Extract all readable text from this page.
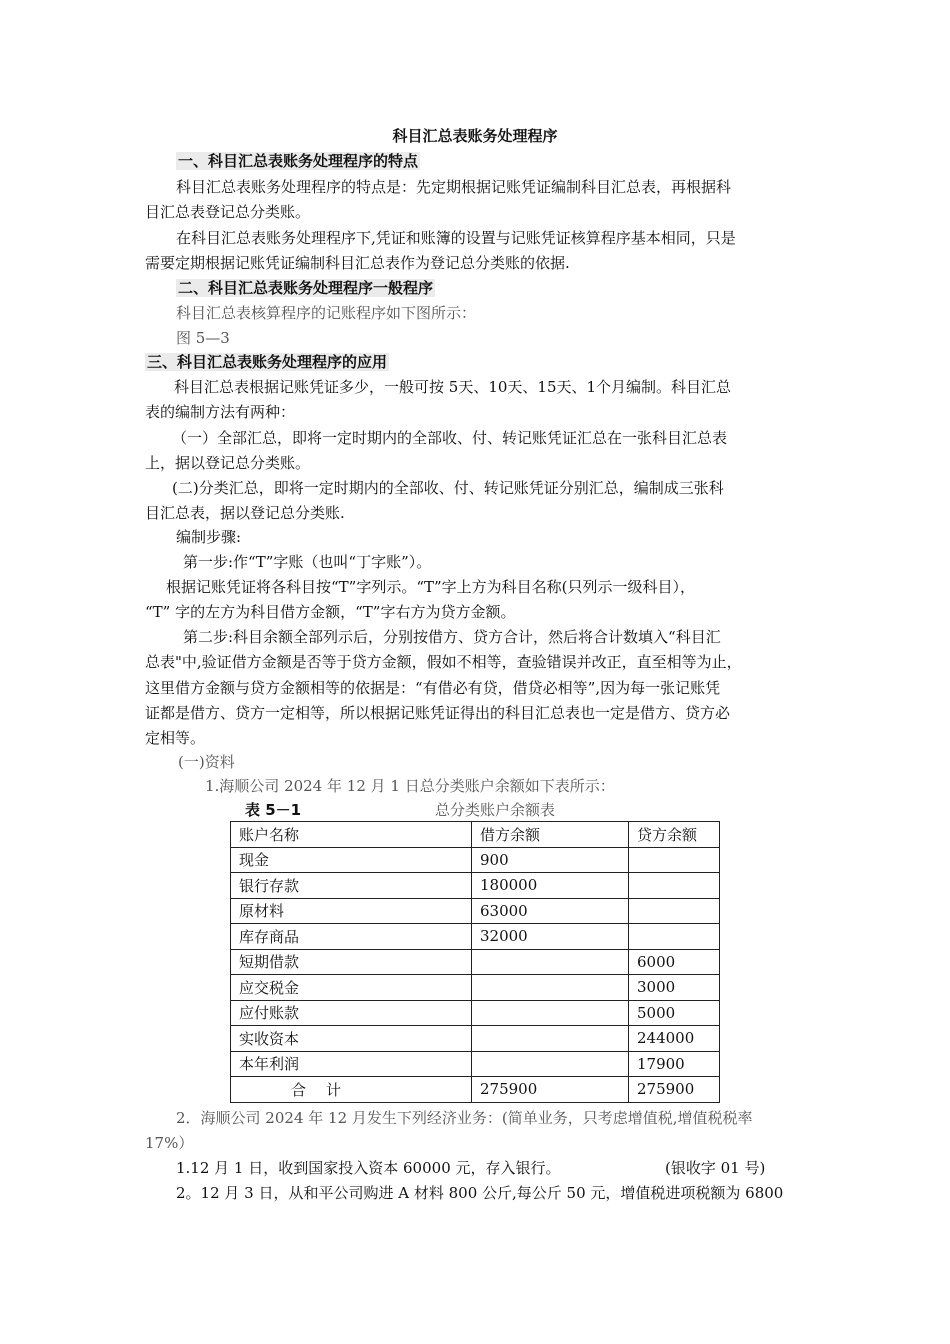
科目汇总表账务处理程序
一、科目汇总表账务处理程序的特点
科目汇总表账务处理程序的特点是：先定期根据记账凭证编制科目汇总表，再根据科
目汇总表登记总分类账。
在科目汇总表账务处理程序下,凭证和账簿的设置与记账凭证核算程序基本相同，只是
需要定期根据记账凭证编制科目汇总表作为登记总分类账的依据.
二、科目汇总表账务处理程序一般程序
科目汇总表核算程序的记账程序如下图所示：
图 5—3
三、科目汇总表账务处理程序的应用
科目汇总表根据记账凭证多少，一般可按 5天、10天、15天、1个月编制。科目汇总
表的编制方法有两种：
（一）全部汇总，即将一定时期内的全部收、付、转记账凭证汇总在一张科目汇总表
上，据以登记总分类账。
(二)分类汇总，即将一定时期内的全部收、付、转记账凭证分别汇总，编制成三张科
目汇总表，据以登记总分类账.
编制步骤:
第一步:作“T”字账（也叫“丁字账”）。
根据记账凭证将各科目按“T”字列示。“T”字上方为科目名称(只列示一级科目），
“T” 字的左方为科目借方金额，“T”字右方为贷方金额。
第二步:科目余额全部列示后，分别按借方、贷方合计，然后将合计数填入“科目汇
总表"中,验证借方金额是否等于贷方金额，假如不相等，查验错误并改正，直至相等为止，
这里借方金额与贷方金额相等的依据是：“有借必有贷，借贷必相等”,因为每一张记账凭
证都是借方、贷方一定相等，所以根据记账凭证得出的科目汇总表也一定是借方、贷方必
定相等。
(一)资料
1.海顺公司 2024 年 12 月 1 日总分类账户余额如下表所示：
表 5－1	总分类账户余额表
账户名称	借方余额	贷方余额
现金	900	
银行存款	180000	
原材料	63000	
库存商品	32000	
短期借款		6000
应交税金		3000
应付账款		5000
实收资本		244000
本年利润		17900
合计	275900	275900
2．海顺公司 2024 年 12 月发生下列经济业务：(简单业务，只考虑增值税,增值税税率
17%）
1.12 月 1 日，收到国家投入资本 60000 元，存入银行。	(银收字 01 号)
2。12 月 3 日，从和平公司购进 A 材料 800 公斤,每公斤 50 元，增值税进项税额为 6800
